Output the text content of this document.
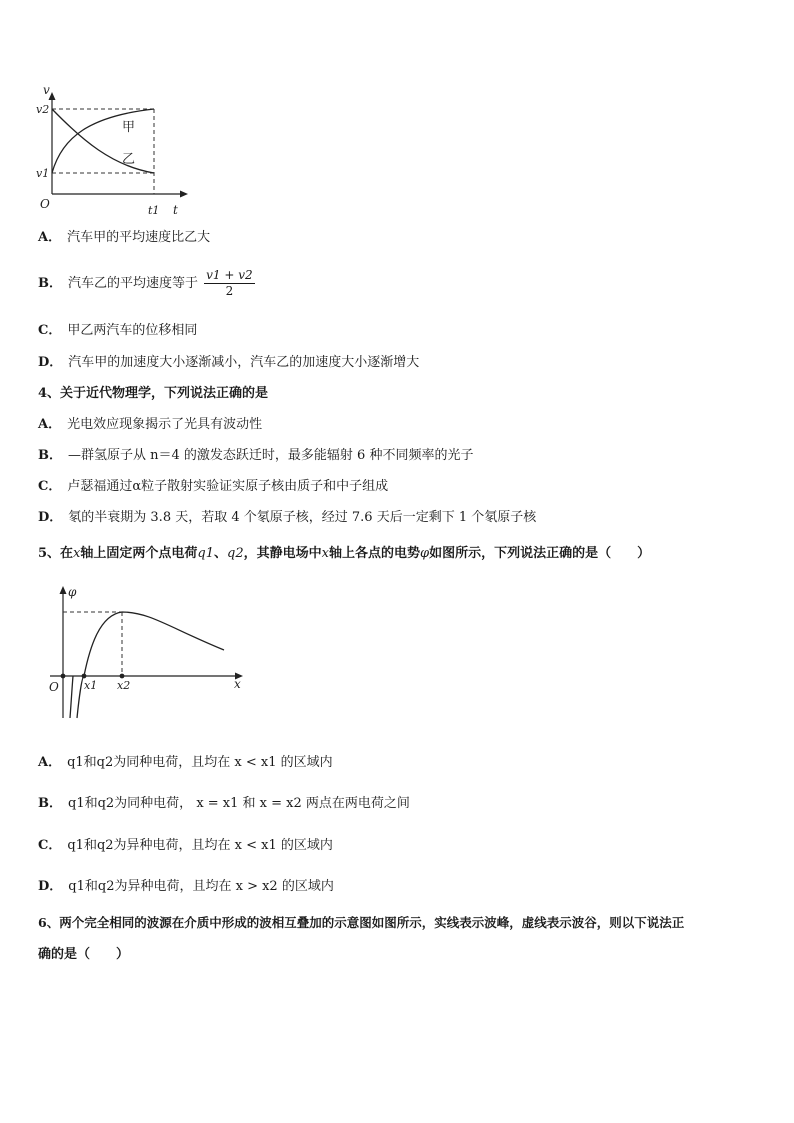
v
t
O
v2
v1
t1
甲
乙
A． 汽车甲的平均速度比乙大
B． 汽车乙的平均速度等于 $\frac{v1 + v2}{2}$
C． 甲乙两汽车的位移相同
D． 汽车甲的加速度大小逐渐减小，汽车乙的加速度大小逐渐增大
4、关于近代物理学，下列说法正确的是
A． 光电效应现象揭示了光具有波动性
B． —群氢原子从 n＝4 的激发态跃迁时，最多能辐射 6 种不同频率的光子
C． 卢瑟福通过α粒子散射实验证实原子核由质子和中子组成
D． 氡的半衰期为 3.8 天，若取 4 个氡原子核，经过 7.6 天后一定剩下 1 个氡原子核
5、在x轴上固定两个点电荷q1、q2，其静电场中x轴上各点的电势φ如图所示，下列说法正确的是（　　）
φ
x
O x1 x2
A． q1和q2为同种电荷，且均在 x < x1 的区域内
B． q1和q2为同种电荷， x = x1 和 x = x2 两点在两电荷之间
C． q1和q2为异种电荷，且均在 x < x1 的区域内
D． q1和q2为异种电荷，且均在 x > x2 的区域内
6、两个完全相同的波源在介质中形成的波相互叠加的示意图如图所示，实线表示波峰，虚线表示波谷，则以下说法正
确的是（　　）
